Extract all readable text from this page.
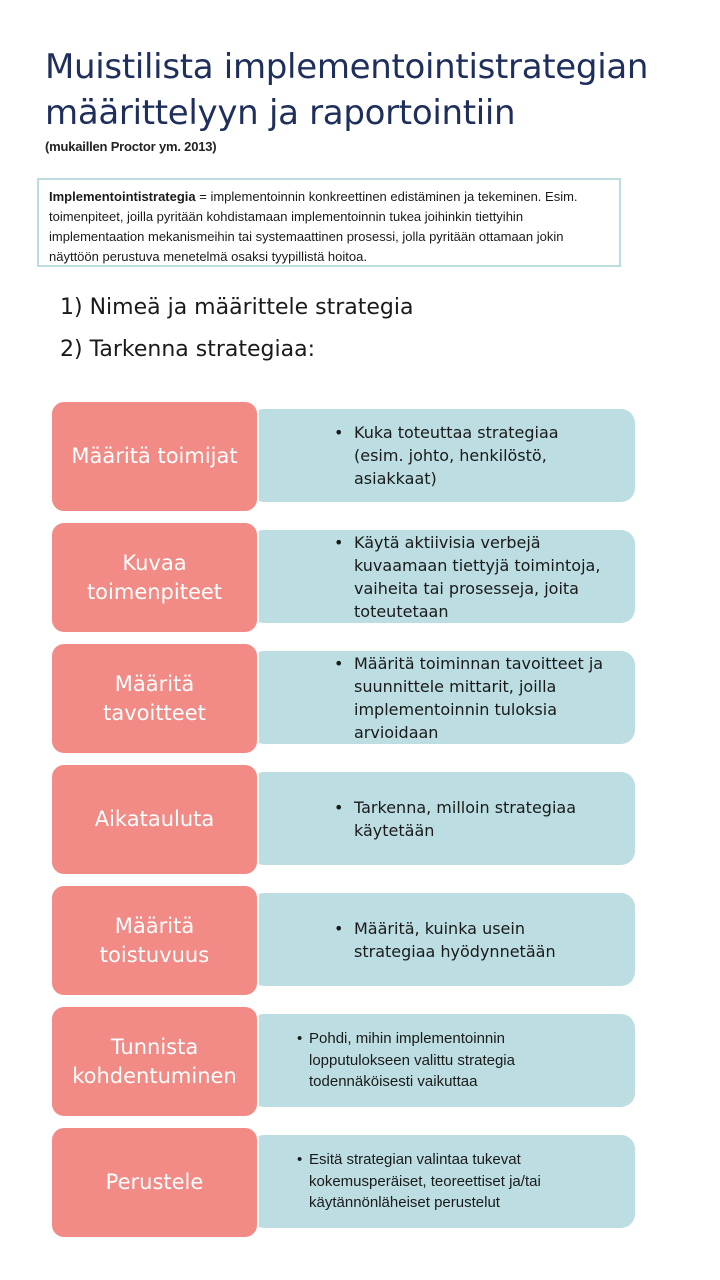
Muistilista implementointistrategian
määrittelyyn ja raportointiin
(mukaillen Proctor ym. 2013)
Implementointistrategia = implementoinnin konkreettinen edistäminen ja tekeminen. Esim. toimenpiteet, joilla pyritään kohdistamaan implementoinnin tukea joihinkin tiettyihin implementaation mekanismeihin tai systemaattinen prosessi, jolla pyritään ottamaan jokin näyttöön perustuva menetelmä osaksi tyypillistä hoitoa.
1) Nimeä ja määrittele strategia
2) Tarkenna strategiaa:
• Kuka toteuttaa strategiaa (esim. johto, henkilöstö, asiakkaat)
Määritä toimijat
• Käytä aktiivisia verbejä kuvaamaan tiettyjä toimintoja, vaiheita tai prosesseja, joita toteutetaan
Kuvaa toimenpiteet
• Määritä toiminnan tavoitteet ja suunnittele mittarit, joilla implementoinnin tuloksia arvioidaan
Määritä tavoitteet
• Tarkenna, milloin strategiaa käytetään
Aikatauluta
• Määritä, kuinka usein strategiaa hyödynnetään
Määritä toistuvuus
• Pohdi, mihin implementoinnin lopputulokseen valittu strategia todennäköisesti vaikuttaa
Tunnista kohdentuminen
• Esitä strategian valintaa tukevat kokemusperäiset, teoreettiset ja/tai käytännönläheiset perustelut
Perustele
